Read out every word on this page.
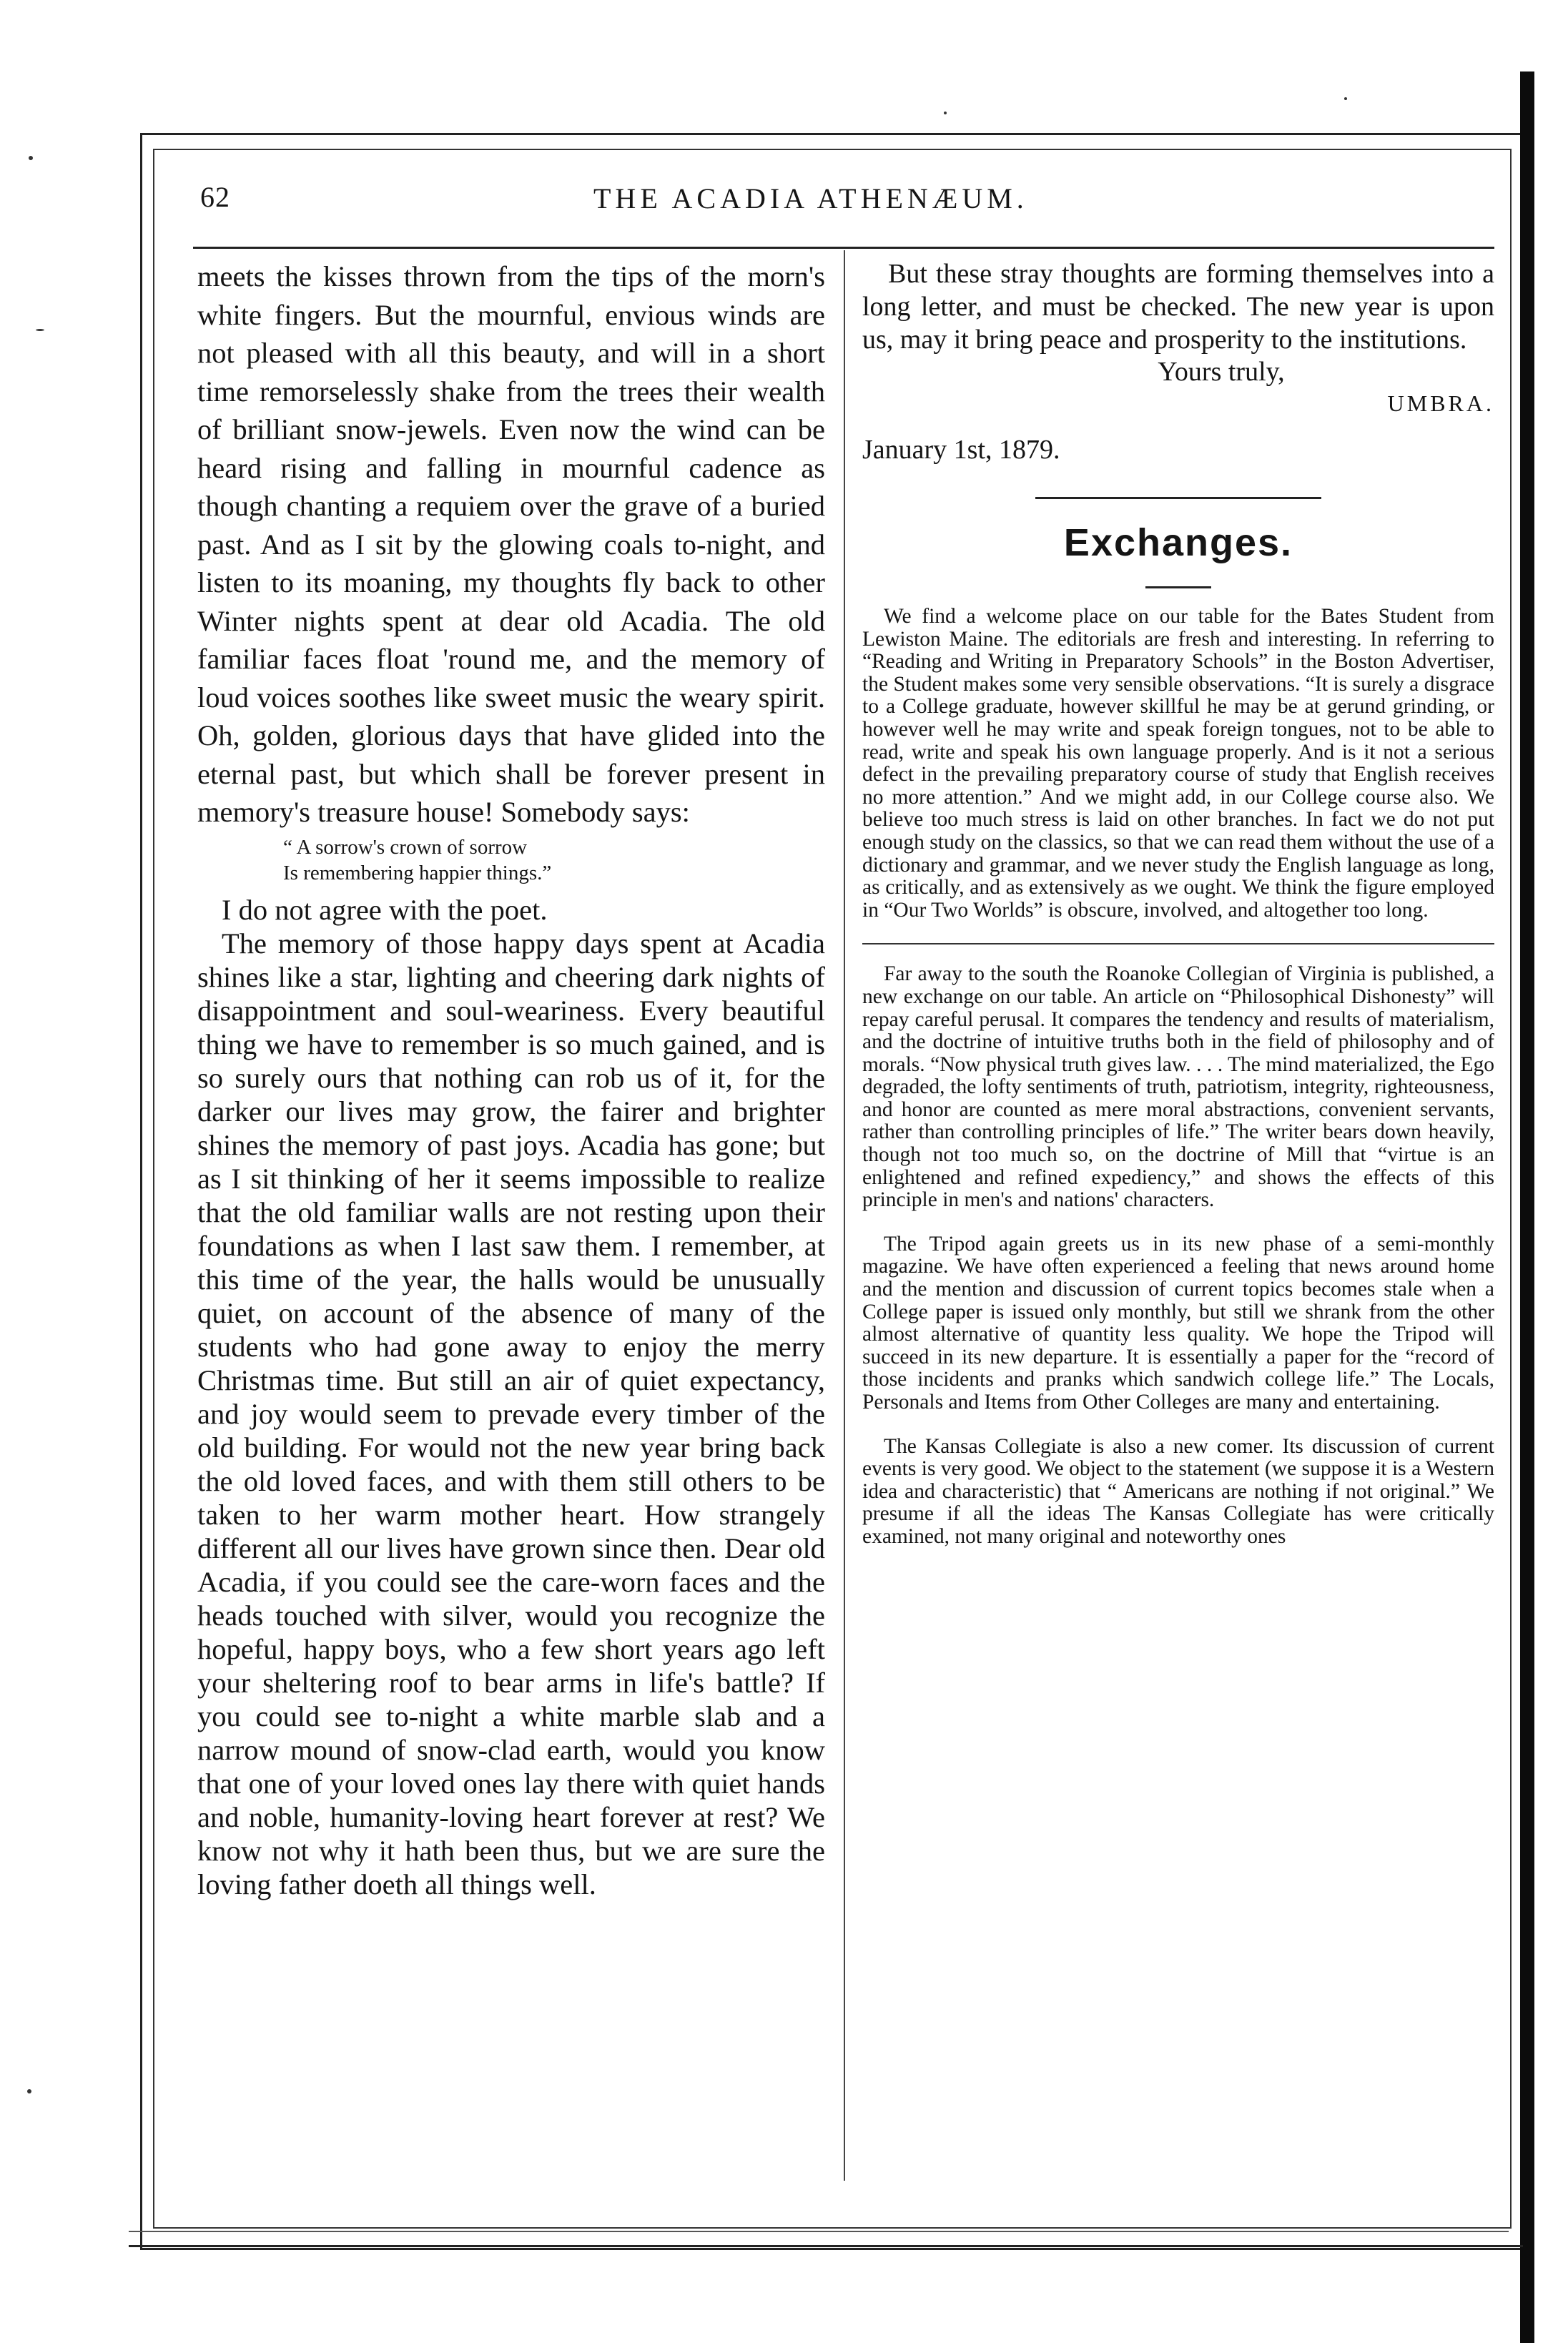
62	THE ACADIA ATHENÆUM.

meets the kisses thrown from the tips of the morn's white fingers. But the mournful, envious winds are not pleased with all this beauty, and will in a short time remorselessly shake from the trees their wealth of brilliant snow-jewels. Even now the wind can be heard rising and falling in mournful cadence as though chanting a requiem over the grave of a buried past. And as I sit by the glowing coals to-night, and listen to its moaning, my thoughts fly back to other Winter nights spent at dear old Acadia. The old familiar faces float 'round me, and the memory of loud voices soothes like sweet music the weary spirit. Oh, golden, glorious days that have glided into the eternal past, but which shall be forever present in memory's treasure house! Somebody says:

“ A sorrow's crown of sorrow
Is remembering happier things.”

I do not agree with the poet.

The memory of those happy days spent at Acadia shines like a star, lighting and cheering dark nights of disappointment and soul-weariness. Every beautiful thing we have to remember is so much gained, and is so surely ours that nothing can rob us of it, for the darker our lives may grow, the fairer and brighter shines the memory of past joys. Acadia has gone; but as I sit thinking of her it seems impossible to realize that the old familiar walls are not resting upon their foundations as when I last saw them. I remember, at this time of the year, the halls would be unusually quiet, on account of the absence of many of the students who had gone away to enjoy the merry Christmas time. But still an air of quiet expectancy, and joy would seem to prevade every timber of the old building. For would not the new year bring back the old loved faces, and with them still others to be taken to her warm mother heart. How strangely different all our lives have grown since then. Dear old Acadia, if you could see the care-worn faces and the heads touched with silver, would you recognize the hopeful, happy boys, who a few short years ago left your sheltering roof to bear arms in life's battle? If you could see to-night a white marble slab and a narrow mound of snow-clad earth, would you know that one of your loved ones lay there with quiet hands and noble, humanity-loving heart forever at rest? We know not why it hath been thus, but we are sure the loving father doeth all things well.

But these stray thoughts are forming themselves into a long letter, and must be checked. The new year is upon us, may it bring peace and prosperity to the institutions.

Yours truly,
UMBRA.
January 1st, 1879.
Exchanges.

We find a welcome place on our table for the Bates Student from Lewiston Maine. The editorials are fresh and interesting. In referring to “Reading and Writing in Preparatory Schools” in the Boston Advertiser, the Student makes some very sensible observations. “It is surely a disgrace to a College graduate, however skillful he may be at gerund grinding, or however well he may write and speak foreign tongues, not to be able to read, write and speak his own language properly. And is it not a serious defect in the prevailing preparatory course of study that English receives no more attention.” And we might add, in our College course also. We believe too much stress is laid on other branches. In fact we do not put enough study on the classics, so that we can read them without the use of a dictionary and grammar, and we never study the English language as long, as critically, and as extensively as we ought. We think the figure employed in “Our Two Worlds” is obscure, involved, and altogether too long.

Far away to the south the Roanoke Collegian of Virginia is published, a new exchange on our table. An article on “Philosophical Dishonesty” will repay careful perusal. It compares the tendency and results of materialism, and the doctrine of intuitive truths both in the field of philosophy and of morals. “Now physical truth gives law. . . . The mind materialized, the Ego degraded, the lofty sentiments of truth, patriotism, integrity, righteousness, and honor are counted as mere moral abstractions, convenient servants, rather than controlling principles of life.” The writer bears down heavily, though not too much so, on the doctrine of Mill that “virtue is an enlightened and refined expediency,” and shows the effects of this principle in men's and nations' characters.

The Tripod again greets us in its new phase of a semi-monthly magazine. We have often experienced a feeling that news around home and the mention and discussion of current topics becomes stale when a College paper is issued only monthly, but still we shrank from the other almost alternative of quantity less quality. We hope the Tripod will succeed in its new departure. It is essentially a paper for the “record of those incidents and pranks which sandwich college life.” The Locals, Personals and Items from Other Colleges are many and entertaining.

The Kansas Collegiate is also a new comer. Its discussion of current events is very good. We object to the statement (we suppose it is a Western idea and characteristic) that “ Americans are nothing if not original.” We presume if all the ideas The Kansas Collegiate has were critically examined, not many original and noteworthy ones
